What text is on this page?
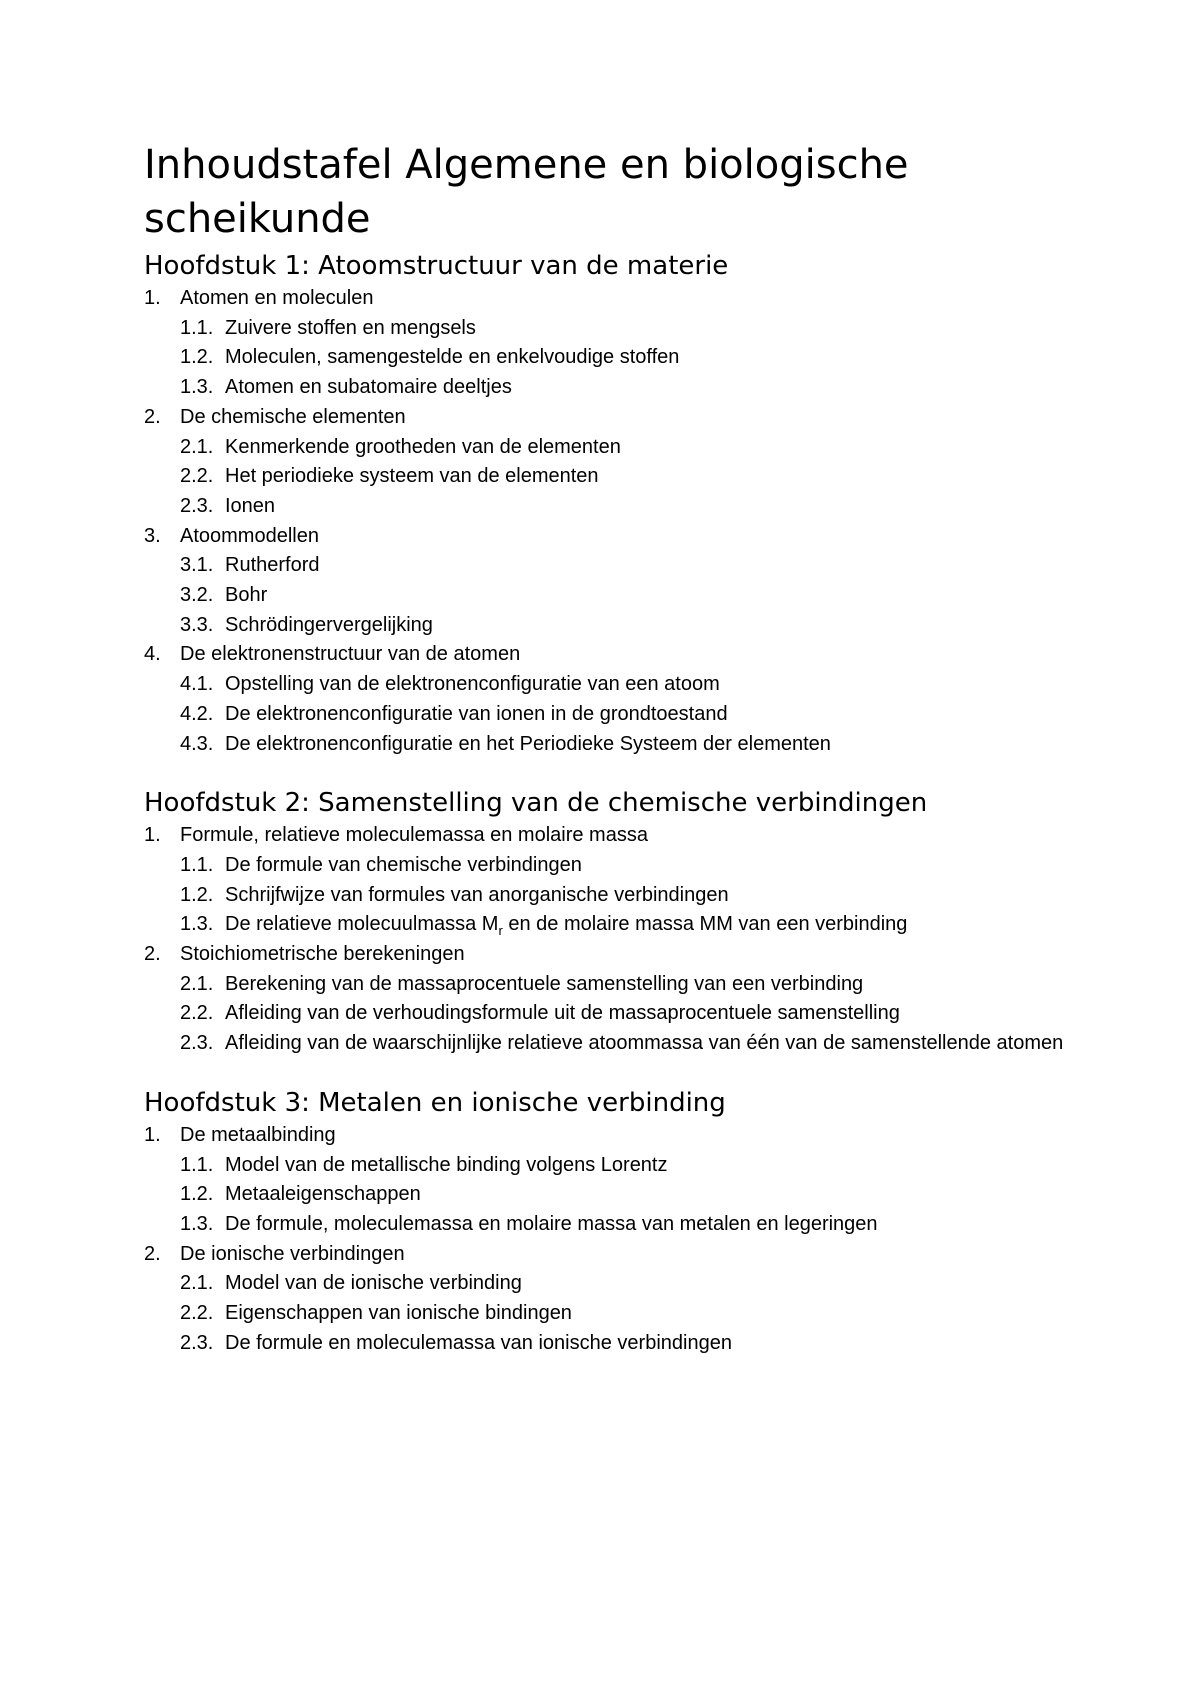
Inhoudstafel Algemene en biologische scheikunde
Hoofdstuk 1: Atoomstructuur van de materie
1. Atomen en moleculen
1.1. Zuivere stoffen en mengsels
1.2. Moleculen, samengestelde en enkelvoudige stoffen
1.3. Atomen en subatomaire deeltjes
2. De chemische elementen
2.1. Kenmerkende grootheden van de elementen
2.2. Het periodieke systeem van de elementen
2.3. Ionen
3. Atoommodellen
3.1. Rutherford
3.2. Bohr
3.3. Schrödingervergelijking
4. De elektronenstructuur van de atomen
4.1. Opstelling van de elektronenconfiguratie van een atoom
4.2. De elektronenconfiguratie van ionen in de grondtoestand
4.3. De elektronenconfiguratie en het Periodieke Systeem der elementen
Hoofdstuk 2: Samenstelling van de chemische verbindingen
1. Formule, relatieve moleculemassa en molaire massa
1.1. De formule van chemische verbindingen
1.2. Schrijfwijze van formules van anorganische verbindingen
1.3. De relatieve molecuulmassa $M_r$ en de molaire massa MM van een verbinding
2. Stoichiometrische berekeningen
2.1. Berekening van de massaprocentuele samenstelling van een verbinding
2.2. Afleiding van de verhoudingsformule uit de massaprocentuele samenstelling
2.3. Afleiding van de waarschijnlijke relatieve atoommassa van één van de samenstellende atomen
Hoofdstuk 3: Metalen en ionische verbinding
1. De metaalbinding
1.1. Model van de metallische binding volgens Lorentz
1.2. Metaaleigenschappen
1.3. De formule, moleculemassa en molaire massa van metalen en legeringen
2. De ionische verbindingen
2.1. Model van de ionische verbinding
2.2. Eigenschappen van ionische bindingen
2.3. De formule en moleculemassa van ionische verbindingen
